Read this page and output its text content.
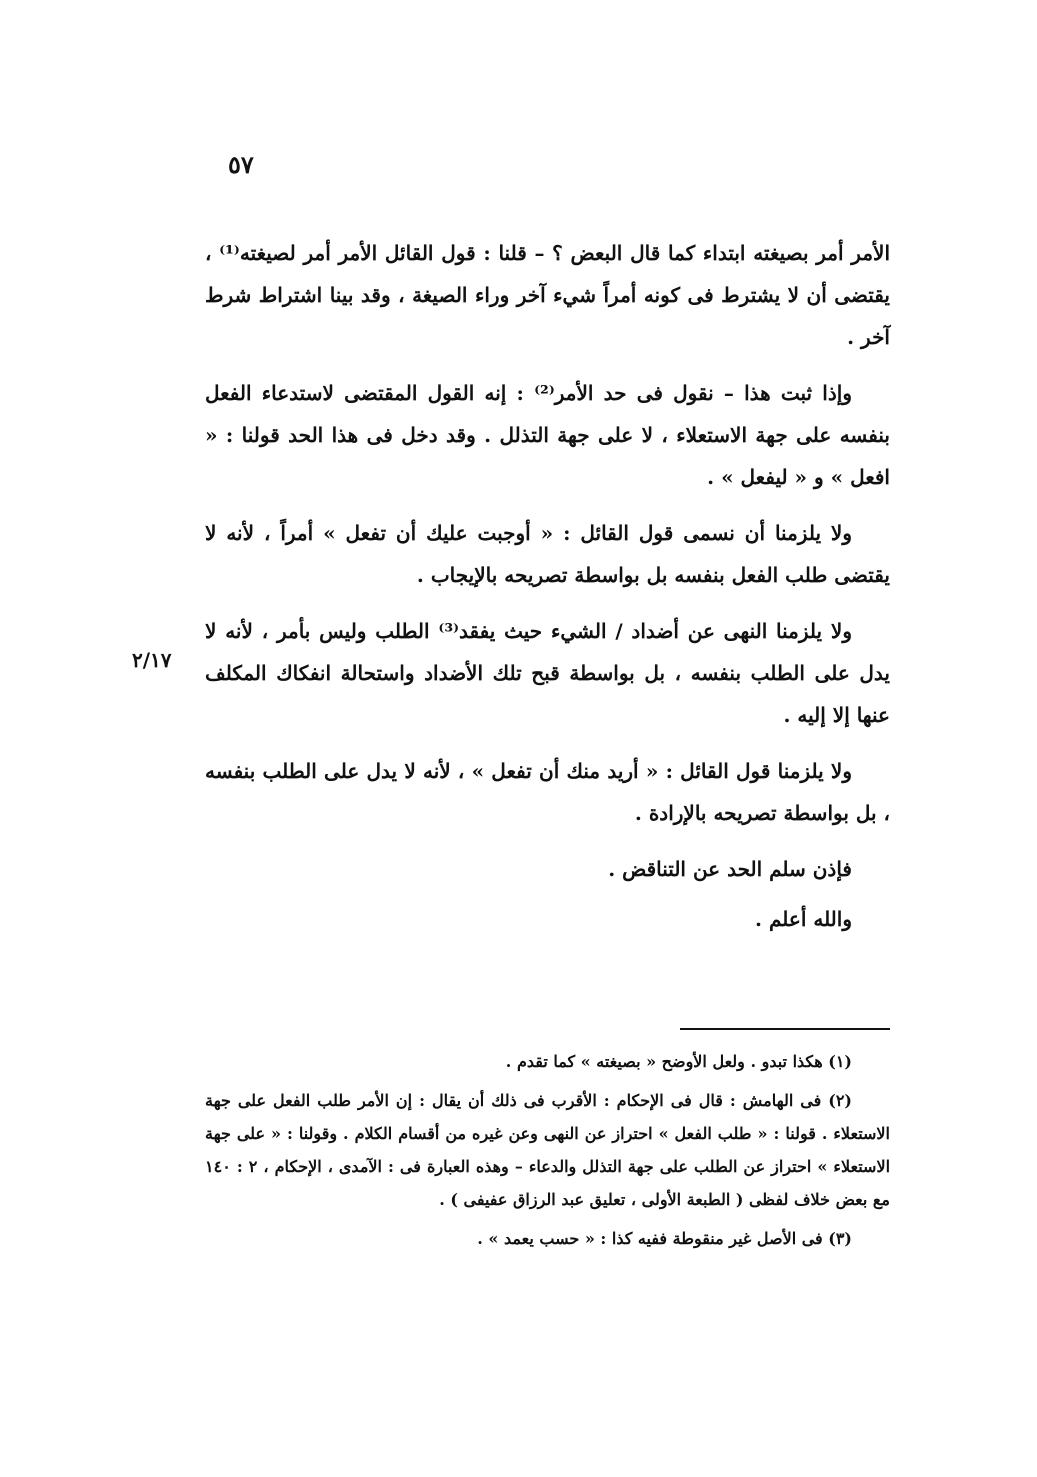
٥٧
٢/١٧

الأمر أمر بصيغته ابتداء كما قال البعض ؟ – قلنا : قول القائل الأمر أمر لصيغته⁽¹⁾ ، يقتضى أن لا يشترط فى كونه أمراً شيء آخر وراء الصيغة ، وقد بينا اشتراط شرط آخر .

وإذا ثبت هذا – نقول فى حد الأمر⁽²⁾ : إنه القول المقتضى لاستدعاء الفعل بنفسه على جهة الاستعلاء ، لا على جهة التذلل . وقد دخل فى هذا الحد قولنا : « افعل » و « ليفعل » .

ولا يلزمنا أن نسمى قول القائل : « أوجبت عليك أن تفعل » أمراً ، لأنه لا يقتضى طلب الفعل بنفسه بل بواسطة تصريحه بالإيجاب .

ولا يلزمنا النهى عن أضداد / الشيء حيث يفقد⁽³⁾ الطلب وليس بأمر ، لأنه لا يدل على الطلب بنفسه ، بل بواسطة قبح تلك الأضداد واستحالة انفكاك المكلف عنها إلا إليه .

ولا يلزمنا قول القائل : « أريد منك أن تفعل » ، لأنه لا يدل على الطلب بنفسه ، بل بواسطة تصريحه بالإرادة .

فإذن سلم الحد عن التناقض .

والله أعلم .

(١) هكذا تبدو . ولعل الأوضح « بصيغته » كما تقدم .

(٢) فى الهامش : قال فى الإحكام : الأقرب فى ذلك أن يقال : إن الأمر طلب الفعل على جهة الاستعلاء . قولنا : « طلب الفعل » احتراز عن النهى وعن غيره من أقسام الكلام . وقولنا : « على جهة الاستعلاء » احتراز عن الطلب على جهة التذلل والدعاء – وهذه العبارة فى : الآمدى ، الإحكام ، ٢ : ١٤٠ مع بعض خلاف لفظى ( الطبعة الأولى ، تعليق عبد الرزاق عفيفى ) .

(٣) فى الأصل غير منقوطة ففيه كذا : « حسب يعمد » .
